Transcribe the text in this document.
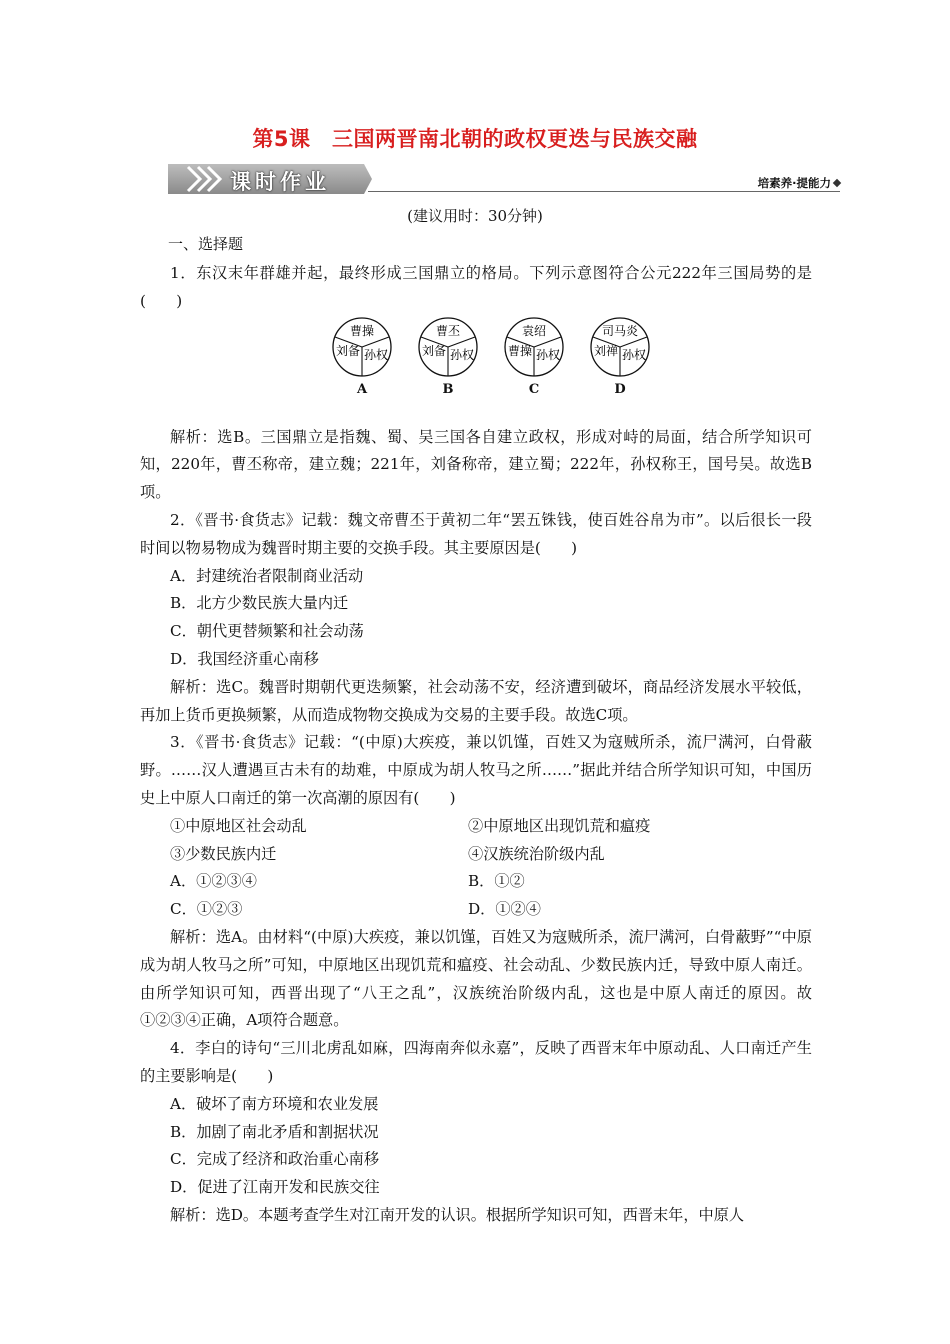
第5课　三国两晋南北朝的政权更迭与民族交融
课时作业	培素养·提能力
(建议用时：30分钟)
一、选择题

1．东汉末年群雄并起，最终形成三国鼎立的格局。下列示意图符合公元222年三国局势的是(　　)

曹操
刘备 孙权
A
曹丕
刘备 孙权
B
袁绍
曹操 孙权
C
司马炎
刘禅 孙权
D

解析：选B。三国鼎立是指魏、蜀、吴三国各自建立政权，形成对峙的局面，结合所学知识可知，220年，曹丕称帝，建立魏；221年，刘备称帝，建立蜀；222年，孙权称王，国号吴。故选B项。

2．《晋书·食货志》记载：魏文帝曹丕于黄初二年“罢五铢钱，使百姓谷帛为市”。以后很长一段时间以物易物成为魏晋时期主要的交换手段。其主要原因是(　　)

A．封建统治者限制商业活动

B．北方少数民族大量内迁

C．朝代更替频繁和社会动荡

D．我国经济重心南移

解析：选C。魏晋时期朝代更迭频繁，社会动荡不安，经济遭到破坏，商品经济发展水平较低，再加上货币更换频繁，从而造成物物交换成为交易的主要手段。故选C项。

3．《晋书·食货志》记载：“(中原)大疾疫，兼以饥馑，百姓又为寇贼所杀，流尸满河，白骨蔽野。……汉人遭遇亘古未有的劫难，中原成为胡人牧马之所……”据此并结合所学知识可知，中国历史上中原人口南迁的第一次高潮的原因有(　　)

①中原地区社会动乱	②中原地区出现饥荒和瘟疫
③少数民族内迁	④汉族统治阶级内乱
A．①②③④	B．①②
C．①②③	D．①②④

解析：选A。由材料“(中原)大疾疫，兼以饥馑，百姓又为寇贼所杀，流尸满河，白骨蔽野”“中原成为胡人牧马之所”可知，中原地区出现饥荒和瘟疫、社会动乱、少数民族内迁，导致中原人南迁。由所学知识可知，西晋出现了“八王之乱”，汉族统治阶级内乱，这也是中原人南迁的原因。故①②③④正确，A项符合题意。

4．李白的诗句“三川北虏乱如麻，四海南奔似永嘉”，反映了西晋末年中原动乱、人口南迁产生的主要影响是(　　)

A．破坏了南方环境和农业发展

B．加剧了南北矛盾和割据状况

C．完成了经济和政治重心南移

D．促进了江南开发和民族交往

解析：选D。本题考查学生对江南开发的认识。根据所学知识可知，西晋末年，中原人
